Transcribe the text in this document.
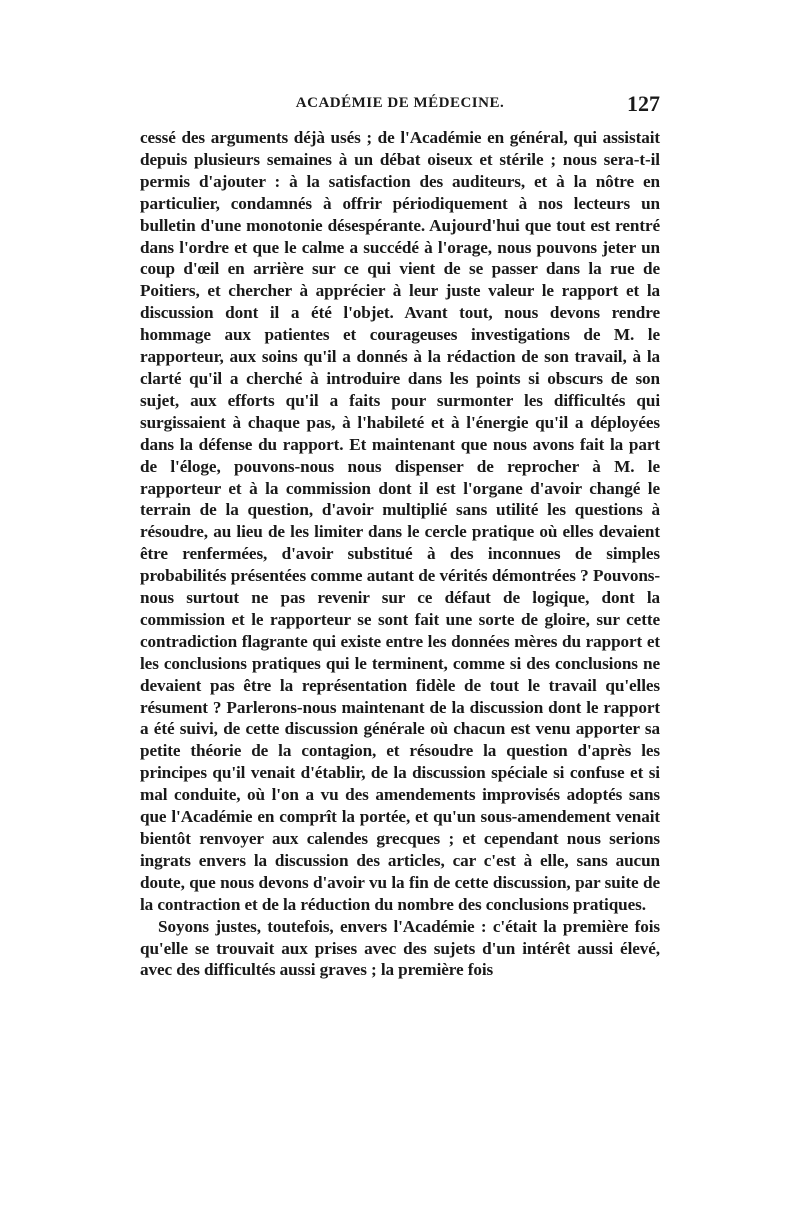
ACADÉMIE DE MÉDECINE.	127

cessé des arguments déjà usés ; de l'Académie en général, qui assistait depuis plusieurs semaines à un débat oiseux et stérile ; nous sera-t-il permis d'ajouter : à la satisfaction des auditeurs, et à la nôtre en particulier, condamnés à offrir périodiquement à nos lecteurs un bulletin d'une monotonie désespérante. Aujourd'hui que tout est rentré dans l'ordre et que le calme a succédé à l'orage, nous pouvons jeter un coup d'œil en arrière sur ce qui vient de se passer dans la rue de Poitiers, et chercher à apprécier à leur juste valeur le rapport et la discussion dont il a été l'objet. Avant tout, nous devons rendre hommage aux patientes et courageuses investigations de M. le rapporteur, aux soins qu'il a donnés à la rédaction de son travail, à la clarté qu'il a cherché à introduire dans les points si obscurs de son sujet, aux efforts qu'il a faits pour surmonter les difficultés qui surgissaient à chaque pas, à l'habileté et à l'énergie qu'il a déployées dans la défense du rapport. Et maintenant que nous avons fait la part de l'éloge, pouvons-nous nous dispenser de reprocher à M. le rapporteur et à la commission dont il est l'organe d'avoir changé le terrain de la question, d'avoir multiplié sans utilité les questions à résoudre, au lieu de les limiter dans le cercle pratique où elles devaient être renfermées, d'avoir substitué à des inconnues de simples probabilités présentées comme autant de vérités démontrées ? Pouvons-nous surtout ne pas revenir sur ce défaut de logique, dont la commission et le rapporteur se sont fait une sorte de gloire, sur cette contradiction flagrante qui existe entre les données mères du rapport et les conclusions pratiques qui le terminent, comme si des conclusions ne devaient pas être la représentation fidèle de tout le travail qu'elles résument ? Parlerons-nous maintenant de la discussion dont le rapport a été suivi, de cette discussion générale où chacun est venu apporter sa petite théorie de la contagion, et résoudre la question d'après les principes qu'il venait d'établir, de la discussion spéciale si confuse et si mal conduite, où l'on a vu des amendements improvisés adoptés sans que l'Académie en comprît la portée, et qu'un sous-amendement venait bientôt renvoyer aux calendes grecques ; et cependant nous serions ingrats envers la discussion des articles, car c'est à elle, sans aucun doute, que nous devons d'avoir vu la fin de cette discussion, par suite de la contraction et de la réduction du nombre des conclusions pratiques.

Soyons justes, toutefois, envers l'Académie : c'était la première fois qu'elle se trouvait aux prises avec des sujets d'un intérêt aussi élevé, avec des difficultés aussi graves ; la première fois
